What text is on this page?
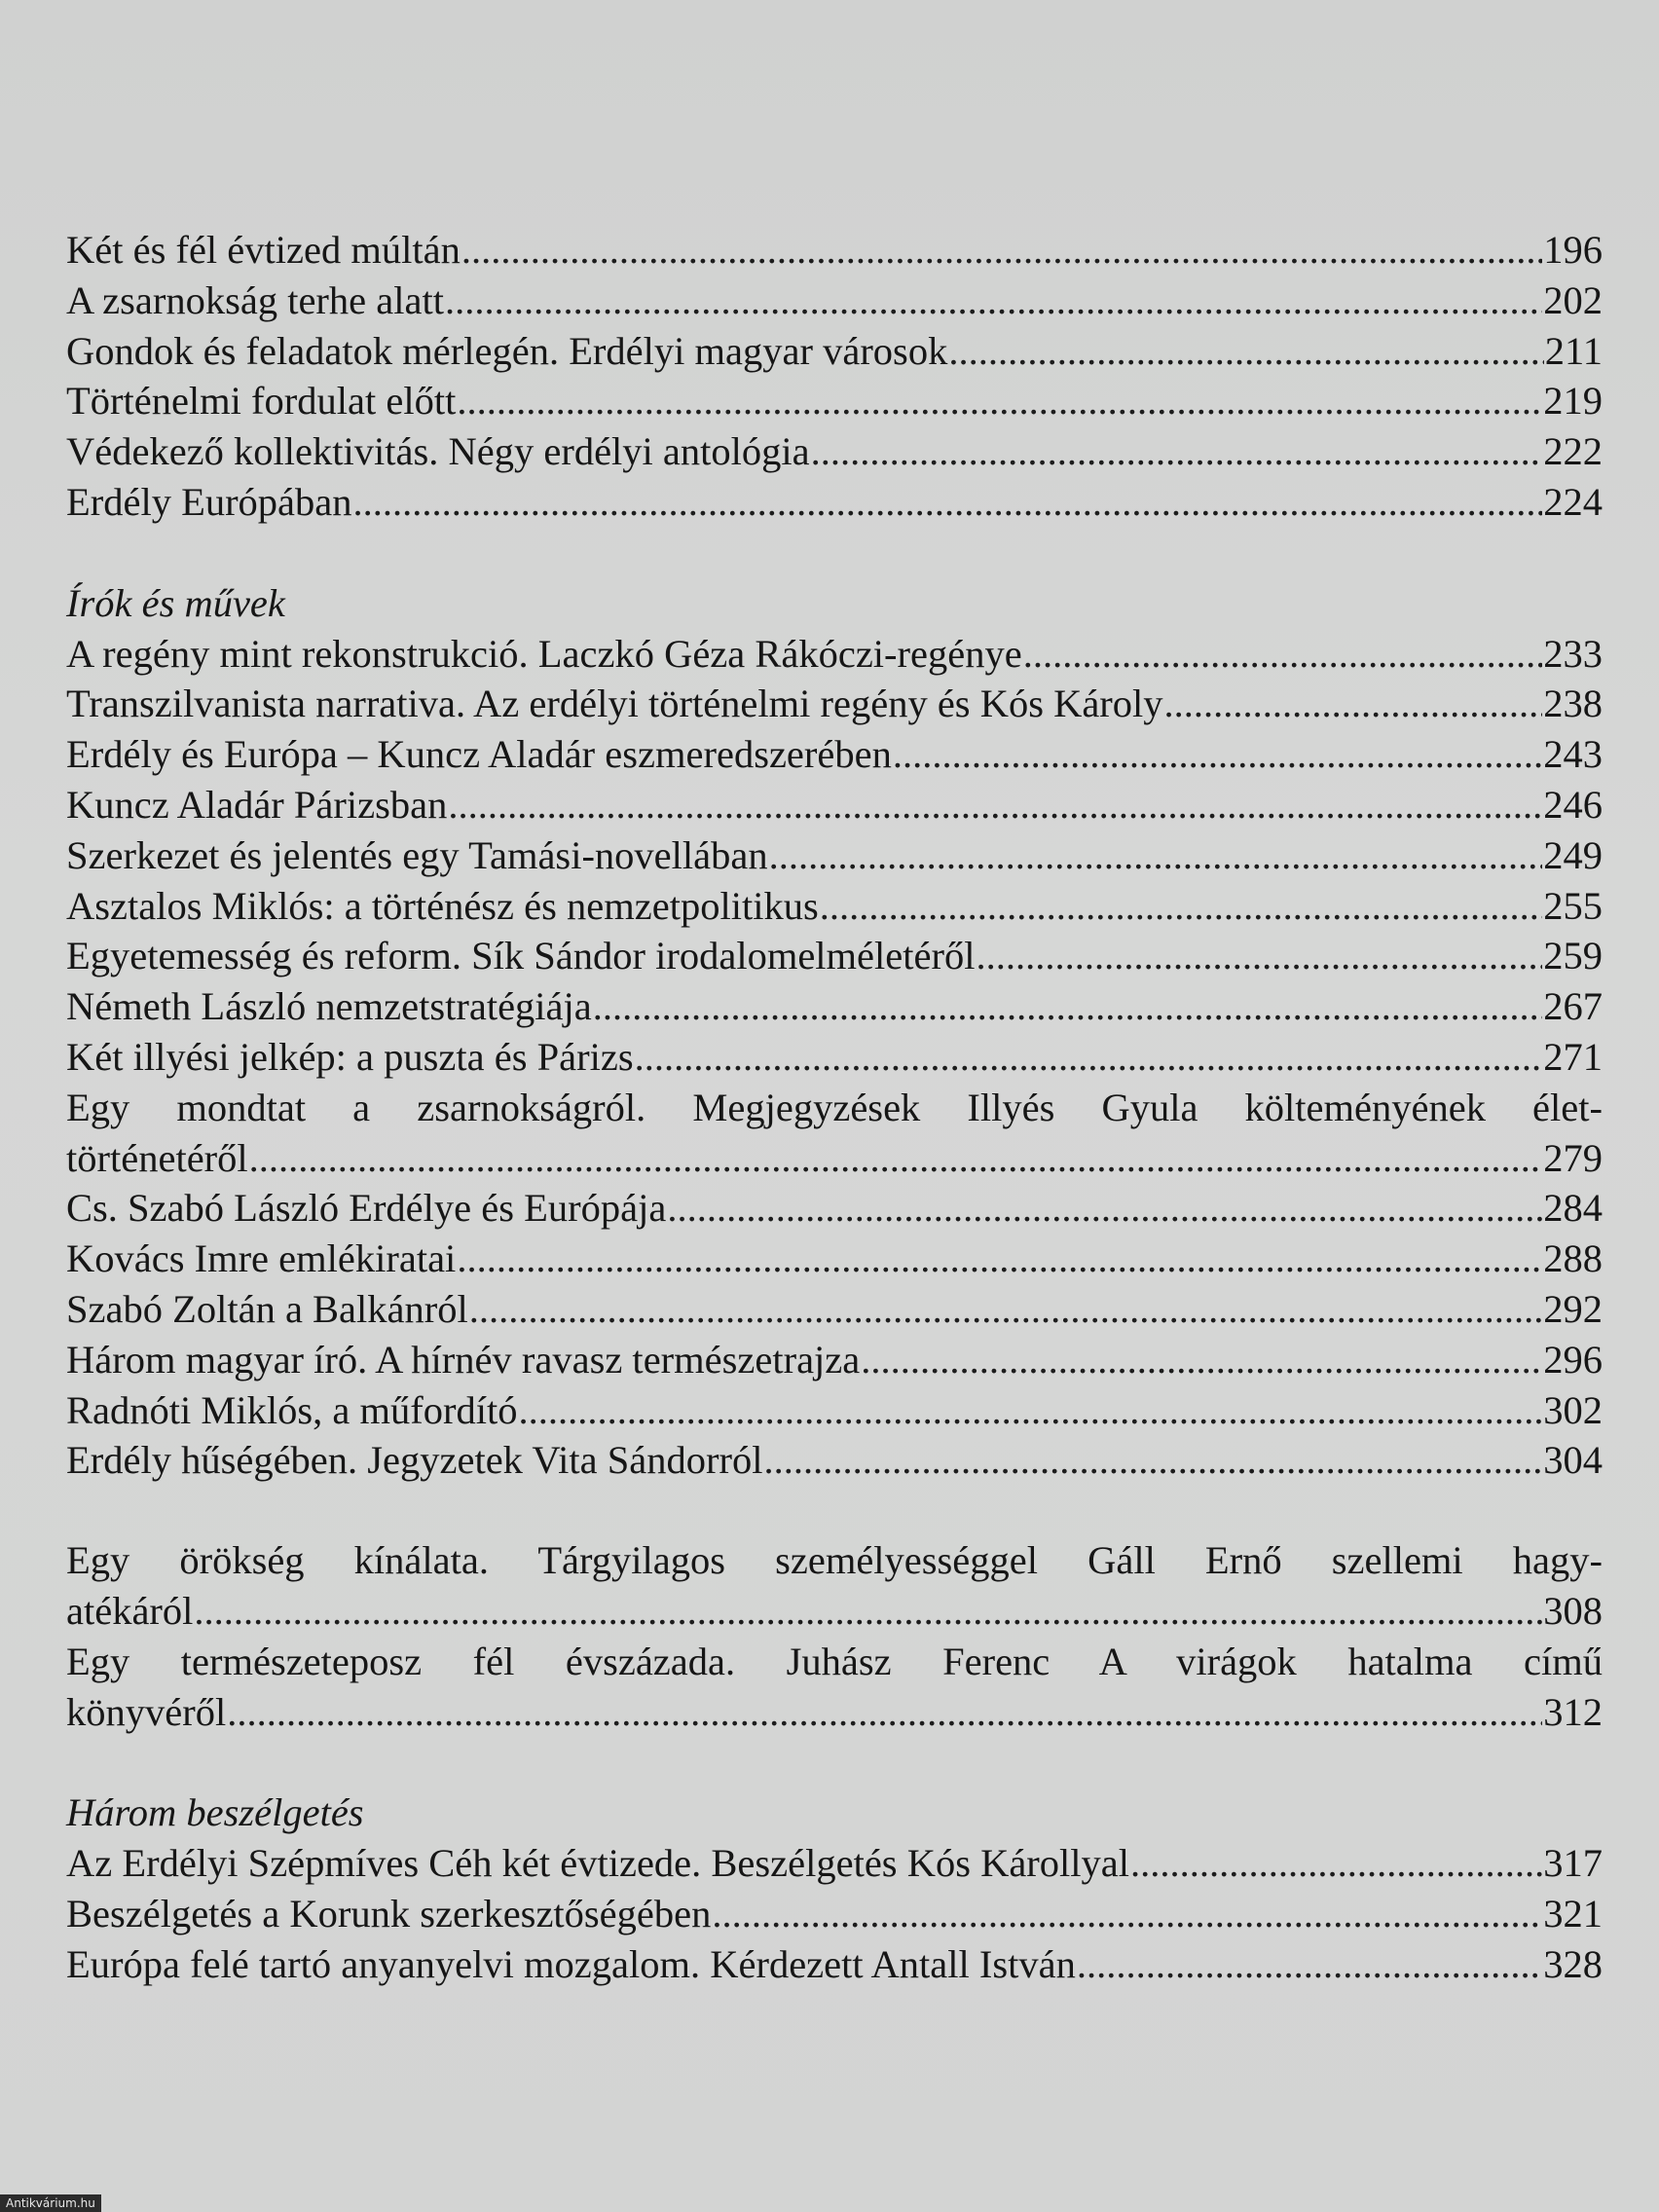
Két és fél évtized múltán .....	196
A zsarnokság terhe alatt .....	202
Gondok és feladatok mérlegén. Erdélyi magyar városok .....	211
Történelmi fordulat előtt .....	219
Védekező kollektivitás. Négy erdélyi antológia .....	222
Erdély Európában .....	224
Írók és művek
A regény mint rekonstrukció. Laczkó Géza Rákóczi-regénye .....	233
Transzilvanista narrativa. Az erdélyi történelmi regény és Kós Károly .....	238
Erdély és Európa – Kuncz Aladár eszmeredszerében .....	243
Kuncz Aladár Párizsban .....	246
Szerkezet és jelentés egy Tamási-novellában .....	249
Asztalos Miklós: a történész és nemzetpolitikus .....	255
Egyetemesség és reform. Sík Sándor irodalomelméletéről .....	259
Németh László nemzetstratégiája .....	267
Két illyési jelkép: a puszta és Párizs .....	271
Egy mondtat a zsarnokságról. Megjegyzések Illyés Gyula költeményének élet-
történetéről .....	279
Cs. Szabó László Erdélye és Európája .....	284
Kovács Imre emlékiratai .....	288
Szabó Zoltán a Balkánról .....	292
Három magyar író. A hírnév ravasz természetrajza .....	296
Radnóti Miklós, a műfordító .....	302
Erdély hűségében. Jegyzetek Vita Sándorról .....	304
Egy örökség kínálata. Tárgyilagos személyességgel Gáll Ernő szellemi hagy-
atékáról .....	308
Egy természeteposz fél évszázada. Juhász Ferenc A virágok hatalma című
könyvéről .....	312
Három beszélgetés
Az Erdélyi Szépmíves Céh két évtizede. Beszélgetés Kós Károllyal .....	317
Beszélgetés a Korunk szerkesztőségében .....	321
Európa felé tartó anyanyelvi mozgalom. Kérdezett Antall István .....	328
Antikvárium.hu
